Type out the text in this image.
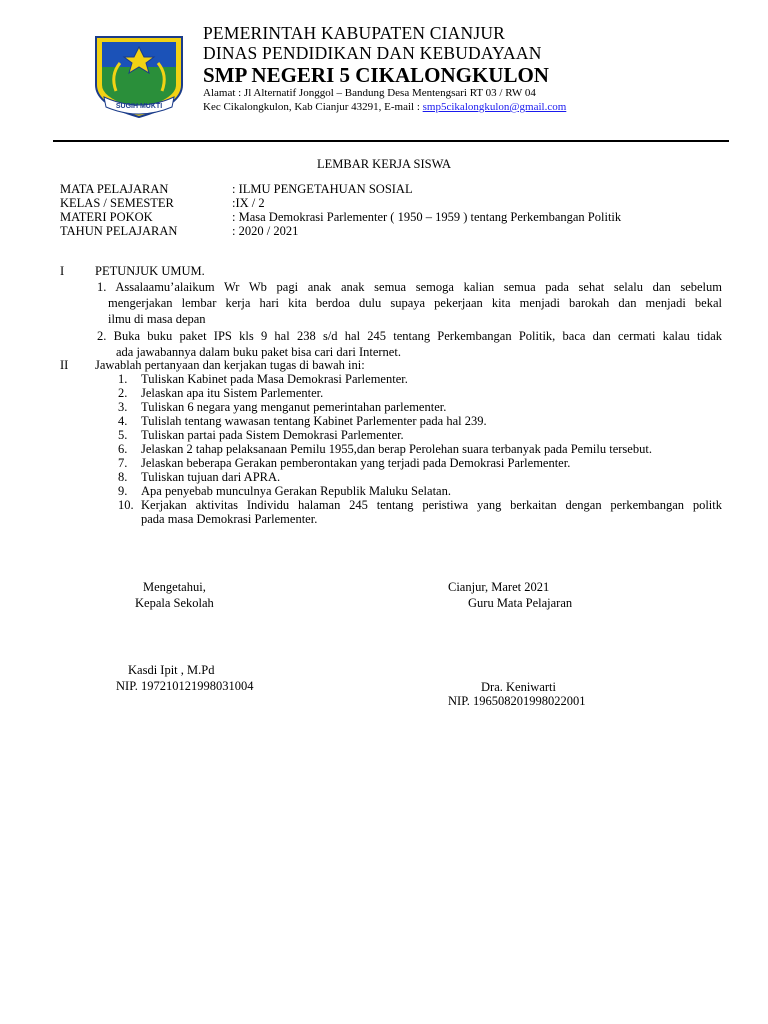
SUGIH MUKTI
PEMERINTAH KABUPATEN CIANJUR
DINAS PENDIDIKAN DAN KEBUDAYAAN
SMP NEGERI 5 CIKALONGKULON
Alamat : Jl Alternatif Jonggol – Bandung Desa Mentengsari RT 03 / RW 04
Kec Cikalongkulon, Kab Cianjur 43291, E-mail : smp5cikalongkulon@gmail.com
LEMBAR KERJA SISWA
MATA PELAJARAN	: ILMU PENGETAHUAN SOSIAL
KELAS / SEMESTER	:IX / 2
MATERI POKOK	: Masa Demokrasi Parlementer ( 1950 – 1959 ) tentang Perkembangan Politik
TAHUN PELAJARAN	: 2020 / 2021
I PETUNJUK UMUM.
1. Assalaamu’alaikum Wr Wb pagi anak anak semua semoga kalian semua pada sehat selalu dan sebelum
mengerjakan lembar kerja hari kita berdoa dulu supaya pekerjaan kita menjadi barokah dan menjadi bekal
ilmu di masa depan
2. Buka buku paket IPS kls 9 hal 238 s/d hal 245 tentang Perkembangan Politik, baca dan cermati kalau tidak
ada jawabannya dalam buku paket bisa cari dari Internet.
II Jawablah pertanyaan dan kerjakan tugas di bawah ini:
1. Tuliskan Kabinet pada Masa Demokrasi Parlementer.
2. Jelaskan apa itu Sistem Parlementer.
3. Tuliskan 6 negara yang menganut pemerintahan parlementer.
4. Tulislah tentang wawasan tentang Kabinet Parlementer pada hal 239.
5. Tuliskan partai pada Sistem Demokrasi Parlementer.
6. Jelaskan 2 tahap pelaksanaan Pemilu 1955,dan berap Perolehan suara terbanyak pada Pemilu tersebut.
7. Jelaskan beberapa Gerakan pemberontakan yang terjadi pada Demokrasi Parlementer.
8. Tuliskan tujuan dari APRA.
9. Apa penyebab munculnya Gerakan Republik Maluku Selatan.
10. Kerjakan aktivitas Individu halaman 245 tentang peristiwa yang berkaitan dengan perkembangan politk
pada masa Demokrasi Parlementer.
Mengetahui,
Kepala Sekolah
Kasdi Ipit , M.Pd
NIP. 197210121998031004
Cianjur, Maret 2021
Guru Mata Pelajaran
Dra. Keniwarti
NIP. 196508201998022001
